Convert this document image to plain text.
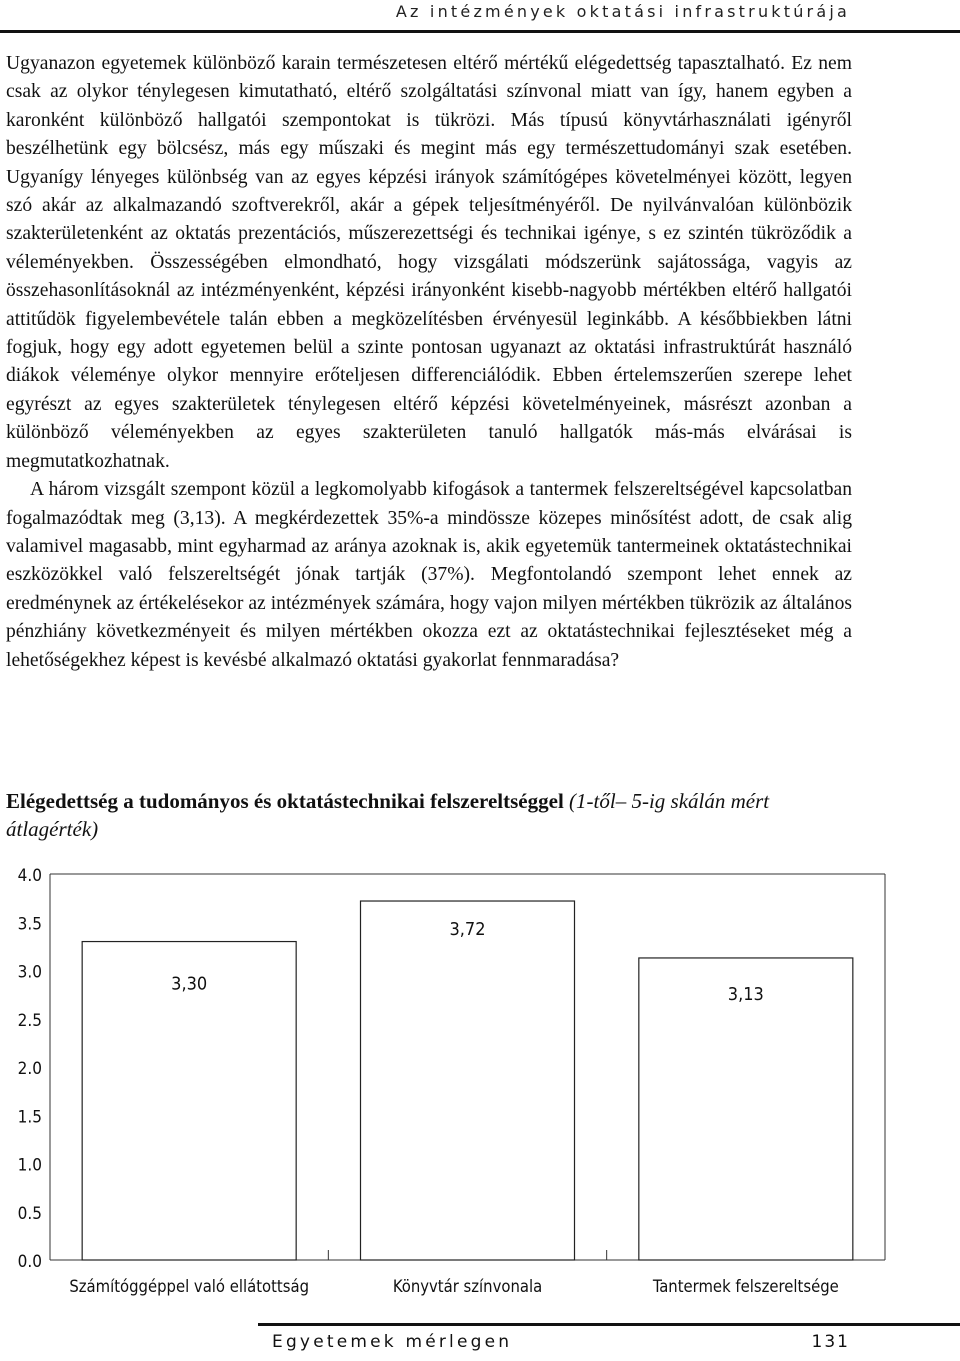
Az intézmények oktatási infrastruktúrája

Ugyanazon egyetemek különböző karain természetesen eltérő mértékű elégedettség tapasztalható. Ez nem csak az olykor ténylegesen kimutatható, eltérő szolgáltatási színvonal miatt van így, hanem egyben a karonként különböző hallgatói szempontokat is tükrözi. Más típusú könyvtárhasználati igényről beszélhetünk egy bölcsész, más egy műszaki és megint más egy természettudományi szak esetében. Ugyanígy lényeges különbség van az egyes képzési irányok számítógépes követelményei között, legyen szó akár az alkalmazandó szoftverekről, akár a gépek teljesítményéről. De nyilvánvalóan különbözik szakterületenként az oktatás prezentációs, műszerezettségi és technikai igénye, s ez szintén tükröződik a véleményekben. Összességében elmondható, hogy vizsgálati módszerünk sajátossága, vagyis az összehasonlításoknál az intézményenként, képzési irányonként kisebb-nagyobb mértékben eltérő hallgatói attitűdök figyelembevétele talán ebben a megközelítésben érvényesül leginkább. A későbbiekben látni fogjuk, hogy egy adott egyetemen belül a szinte pontosan ugyanazt az oktatási infrastruktúrát használó diákok véleménye olykor mennyire erőteljesen differenciálódik. Ebben értelemszerűen szerepe lehet egyrészt az egyes szakterületek ténylegesen eltérő képzési követelményeinek, másrészt azonban a különböző véleményekben az egyes szakterületen tanuló hallgatók más-más elvárásai is megmutatkozhatnak.

A három vizsgált szempont közül a legkomolyabb kifogások a tantermek felszereltségével kapcsolatban fogalmazódtak meg (3,13). A megkérdezettek 35%-a mindössze közepes minősítést adott, de csak alig valamivel magasabb, mint egyharmad az aránya azoknak is, akik egyetemük tantermeinek oktatástechnikai eszközökkel való felszereltségét jónak tartják (37%). Megfontolandó szempont lehet ennek az eredménynek az értékelésekor az intézmények számára, hogy vajon milyen mértékben tükrözik az általános pénzhiány következményeit és milyen mértékben okozza ezt az oktatástechnikai fejlesztéseket még a lehetőségekhez képest is kevésbé alkalmazó oktatási gyakorlat fennmaradása?

Elégedettség a tudományos és oktatástechnikai felszereltséggel (1-től– 5-ig skálán mért átlagérték)
4.0
3.5
3.0
2.5
2.0
1.5
1.0
0.5
0.0
3,30
Számítóggéppel való ellátottság
3,72
Könyvtár színvonala
3,13
Tantermek felszereltsége
Egyetemek mérlegen	131
